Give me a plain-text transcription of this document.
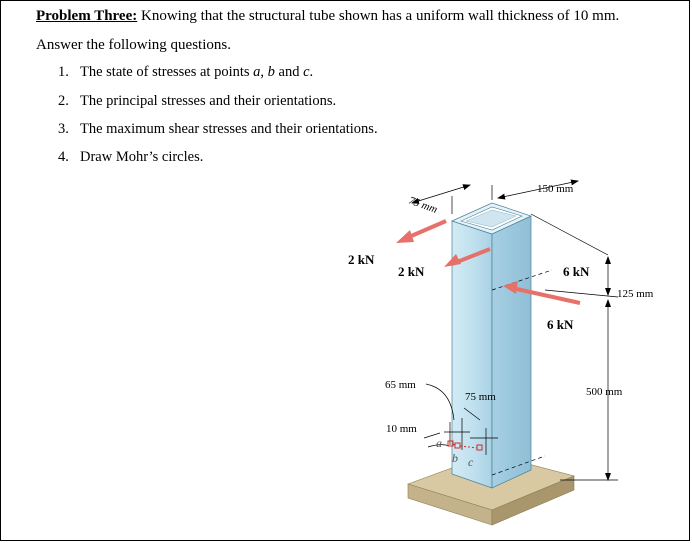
Problem Three: Knowing that the structural tube shown has a uniform wall thickness of 10 mm.
Answer the following questions.
1. The state of stresses at points a, b and c.
2. The principal stresses and their orientations.
3. The maximum shear stresses and their orientations.
4. Draw Mohr’s circles.
75 mm
150 mm
125 mm
500 mm
65 mm
75 mm
10 mm
2 kN
2 kN	6 kN
6 kN
a
b c
